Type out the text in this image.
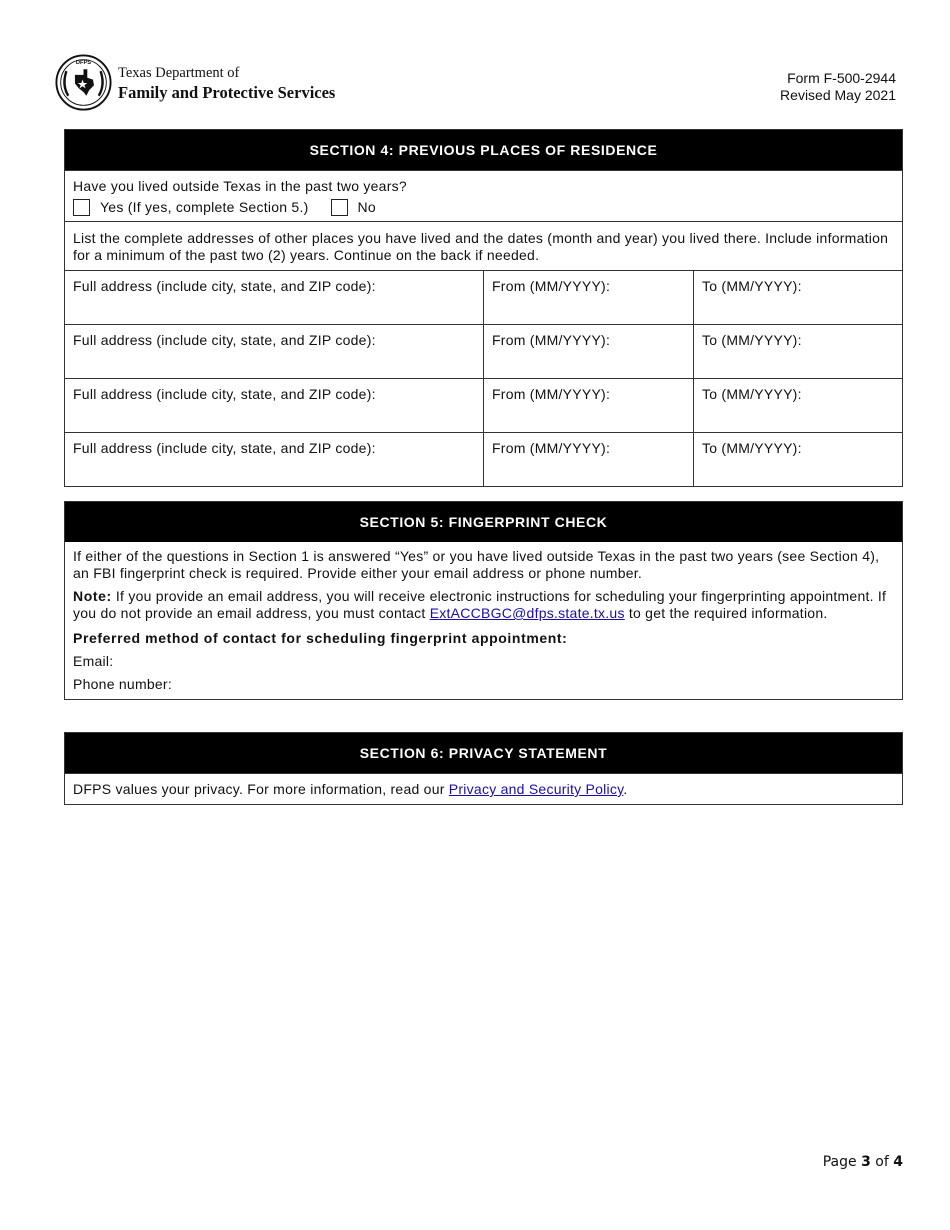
DFPS
Texas Department of
Family and Protective Services
Form F-500-2944
Revised May 2021
SECTION 4: PREVIOUS PLACES OF RESIDENCE
Have you lived outside Texas in the past two years?
Yes (If yes, complete Section 5.)	No
List the complete addresses of other places you have lived and the dates (month and year) you lived there. Include information for a minimum of the past two (2) years. Continue on the back if needed.
Full address (include city, state, and ZIP code):	From (MM/YYYY):	To (MM/YYYY):
Full address (include city, state, and ZIP code):	From (MM/YYYY):	To (MM/YYYY):
Full address (include city, state, and ZIP code):	From (MM/YYYY):	To (MM/YYYY):
Full address (include city, state, and ZIP code):	From (MM/YYYY):	To (MM/YYYY):
SECTION 5: FINGERPRINT CHECK

If either of the questions in Section 1 is answered “Yes” or you have lived outside Texas in the past two years (see Section 4), an FBI fingerprint check is required. Provide either your email address or phone number.

Note: If you provide an email address, you will receive electronic instructions for scheduling your fingerprinting appointment. If you do not provide an email address, you must contact ExtACCBGC@dfps.state.tx.us to get the required information.

Preferred method of contact for scheduling fingerprint appointment:

Email:

Phone number:

SECTION 6: PRIVACY STATEMENT
DFPS values your privacy. For more information, read our Privacy and Security Policy.
Page 3 of 4
